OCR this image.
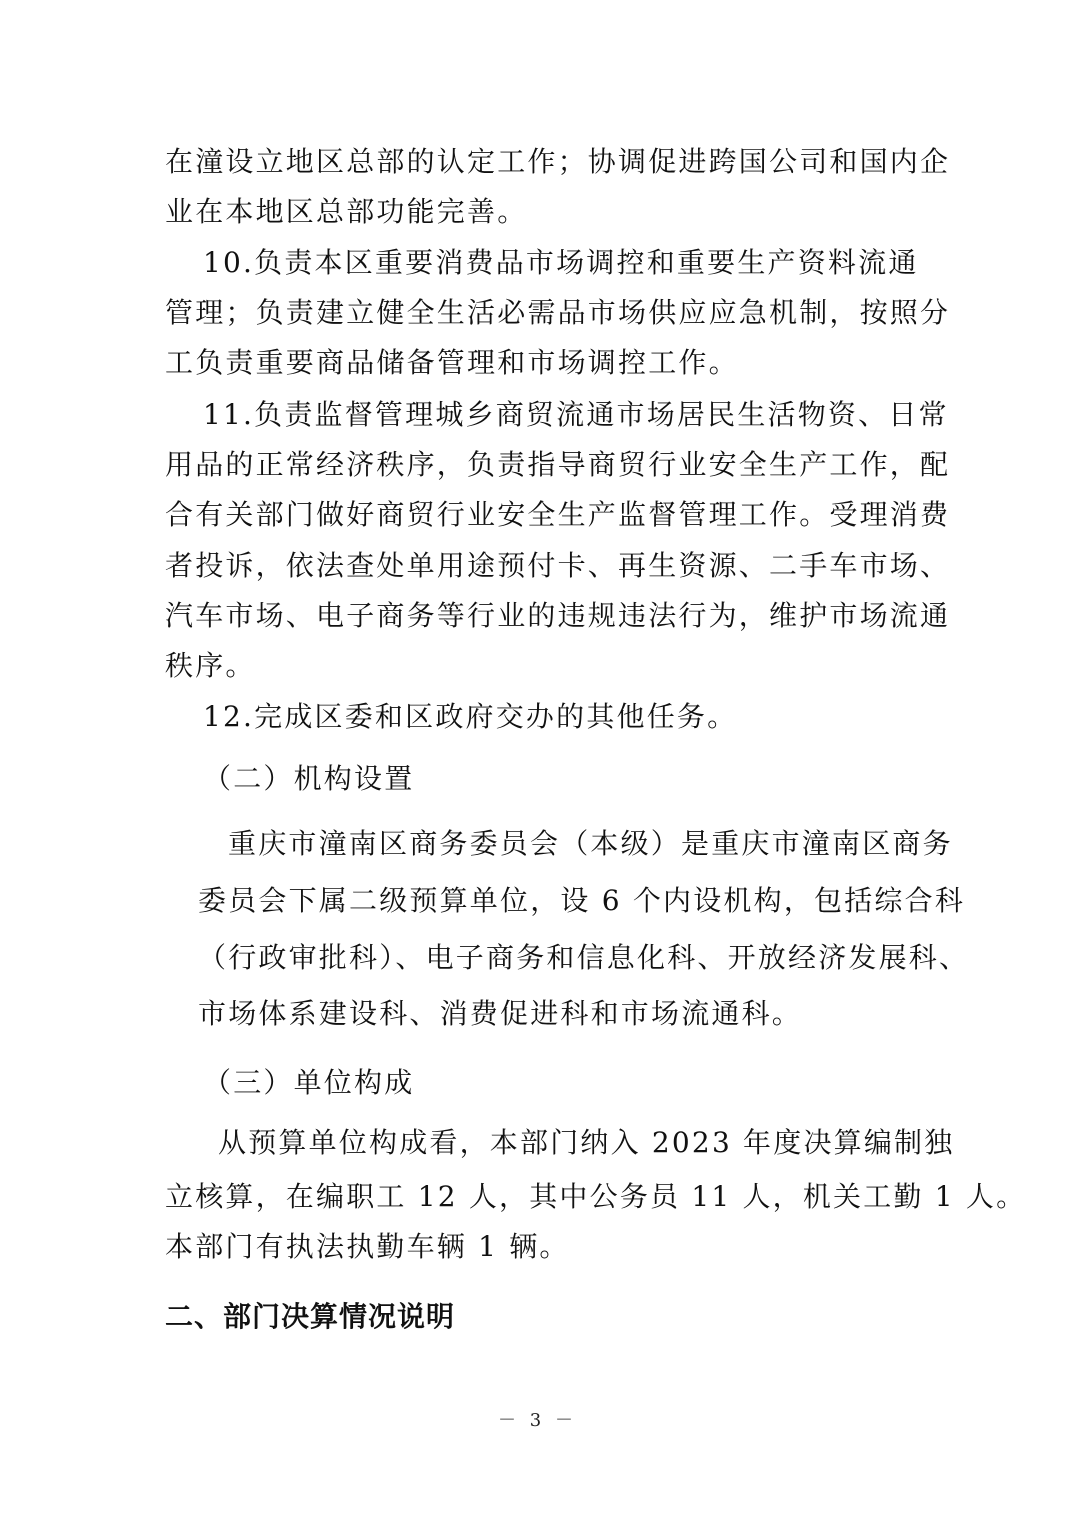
在潼设立地区总部的认定工作；协调促进跨国公司和国内企
业在本地区总部功能完善。
10.负责本区重要消费品市场调控和重要生产资料流通
管理；负责建立健全生活必需品市场供应应急机制，按照分
工负责重要商品储备管理和市场调控工作。
11.负责监督管理城乡商贸流通市场居民生活物资、日常
用品的正常经济秩序，负责指导商贸行业安全生产工作，配
合有关部门做好商贸行业安全生产监督管理工作。受理消费
者投诉，依法查处单用途预付卡、再生资源、二手车市场、
汽车市场、电子商务等行业的违规违法行为，维护市场流通
秩序。
12.完成区委和区政府交办的其他任务。
（二）机构设置
重庆市潼南区商务委员会（本级）是重庆市潼南区商务
委员会下属二级预算单位，设 6 个内设机构，包括综合科
（行政审批科）、电子商务和信息化科、开放经济发展科、
市场体系建设科、消费促进科和市场流通科。
（三）单位构成
从预算单位构成看，本部门纳入 2023 年度决算编制独
立核算，在编职工 12 人，其中公务员 11 人，机关工勤 1 人。
本部门有执法执勤车辆 1 辆。
二、部门决算情况说明
－ 3 －
